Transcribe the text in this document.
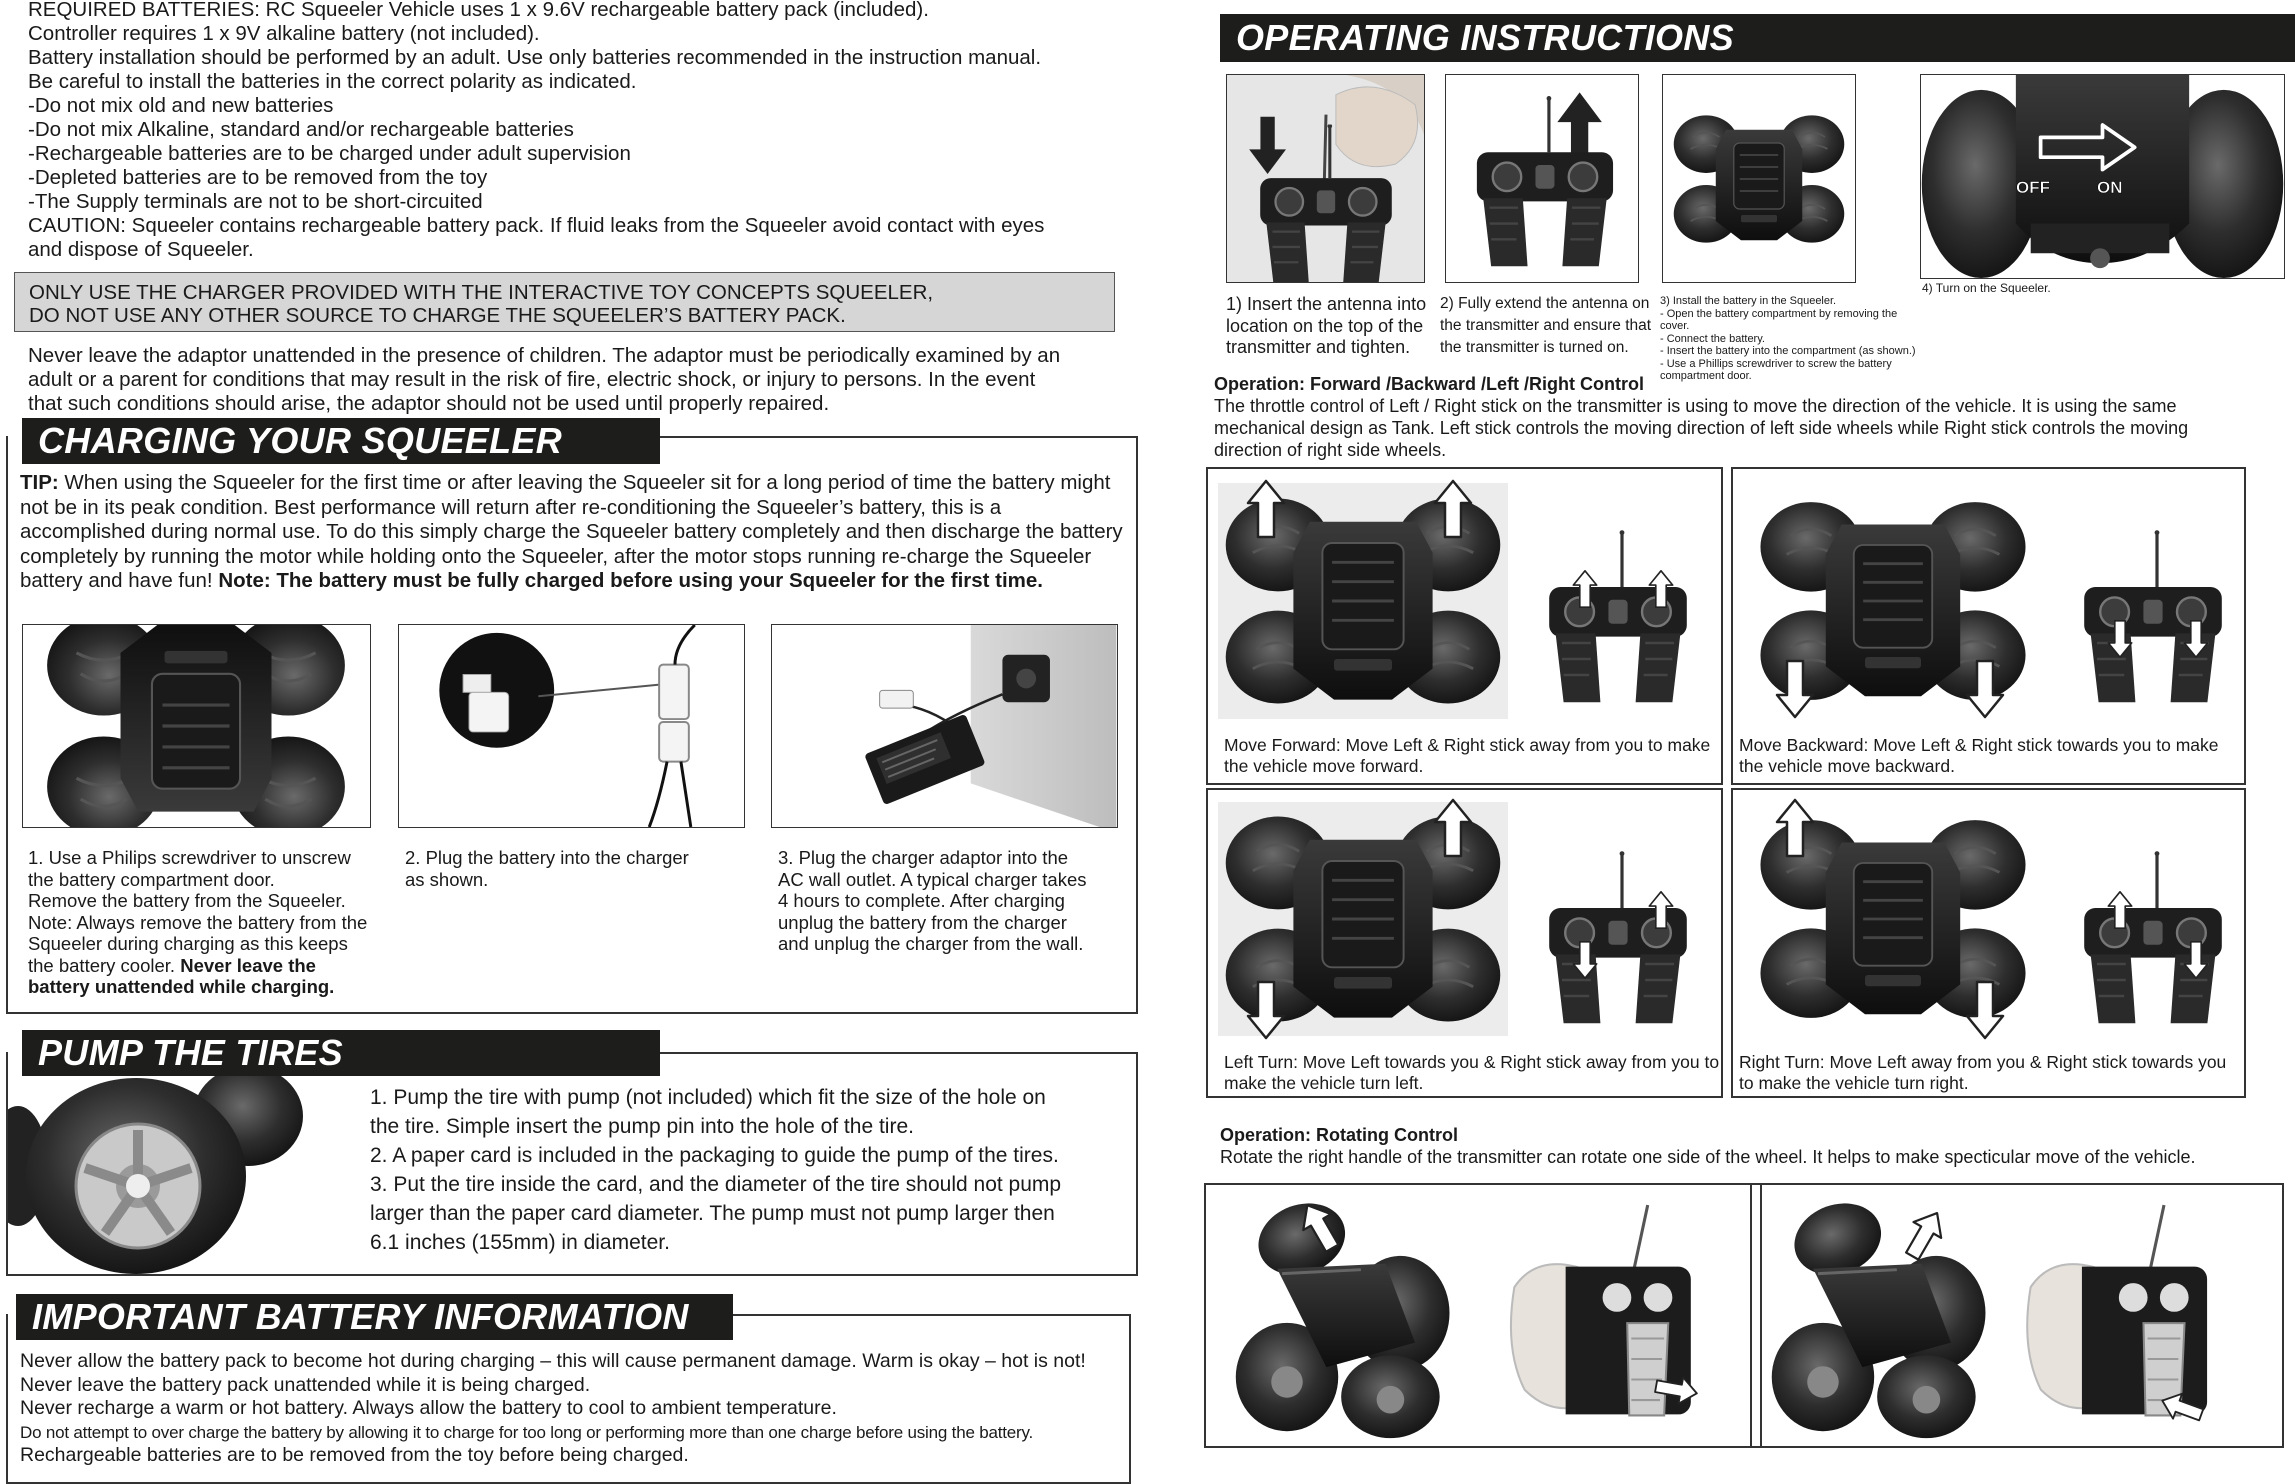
REQUIRED BATTERIES: RC Squeeler Vehicle uses 1 x 9.6V rechargeable battery pack (included).

Controller requires 1 x 9V alkaline battery (not included).

Battery installation should be performed by an adult. Use only batteries recommended in the instruction manual.

Be careful to install the batteries in the correct polarity as indicated.

-Do not mix old and new batteries

-Do not mix Alkaline, standard and/or rechargeable batteries

-Rechargeable batteries are to be charged under adult supervision

-Depleted batteries are to be removed from the toy

-The Supply terminals are not to be short-circuited

CAUTION: Squeeler contains rechargeable battery pack. If fluid leaks from the Squeeler avoid contact with eyes

and dispose of Squeeler.

ONLY USE THE CHARGER PROVIDED WITH THE INTERACTIVE TOY CONCEPTS SQUEELER,
DO NOT USE ANY OTHER SOURCE TO CHARGE THE SQUEELER’S BATTERY PACK.

Never leave the adaptor unattended in the presence of children. The adaptor must be periodically examined by an

adult or a parent for conditions that may result in the risk of fire, electric shock, or injury to persons. In the event

that such conditions should arise, the adaptor should not be used until properly repaired.

CHARGING YOUR SQUEELER
TIP: When using the Squeeler for the first time or after leaving the Squeeler sit for a long period of time the battery might not be in its peak condition. Best performance will return after re-conditioning the Squeeler’s battery, this is a accomplished during normal use. To do this simply charge the Squeeler battery completely and then discharge the battery completely by running the motor while holding onto the Squeeler, after the motor stops running re-charge the Squeeler battery and have fun! Note: The battery must be fully charged before using your Squeeler for the first time.

1. Use a Philips screwdriver to unscrew

the battery compartment door.

Remove the battery from the Squeeler.

Note: Always remove the battery from the

Squeeler during charging as this keeps

the battery cooler. Never leave the

battery unattended while charging.

2. Plug the battery into the charger

as shown.

3. Plug the charger adaptor into the

AC wall outlet. A typical charger takes

4 hours to complete. After charging

unplug the battery from the charger

and unplug the charger from the wall.

PUMP THE TIRES

1. Pump the tire with pump (not included) which fit the size of the hole on

the tire. Simple insert the pump pin into the hole of the tire.

2. A paper card is included in the packaging to guide the pump of the tires.

3. Put the tire inside the card, and the diameter of the tire should not pump

larger than the paper card diameter. The pump must not pump larger then

6.1 inches (155mm) in diameter.

IMPORTANT BATTERY INFORMATION

Never allow the battery pack to become hot during charging – this will cause permanent damage. Warm is okay – hot is not!

Never leave the battery pack unattended while it is being charged.

Never recharge a warm or hot battery. Always allow the battery to cool to ambient temperature.

Do not attempt to over charge the battery by allowing it to charge for too long or performing more than one charge before using the battery.

Rechargeable batteries are to be removed from the toy before being charged.

OPERATING INSTRUCTIONS
OFF	ON

1) Insert the antenna into

location on the top of the

transmitter and tighten.

2) Fully extend the antenna on

the transmitter and ensure that

the transmitter is turned on.

3) Install the battery in the Squeeler.

- Open the battery compartment by removing the cover.

- Connect the battery.

- Insert the battery into the compartment (as shown.)

- Use a Phillips screwdriver to screw the battery

compartment door.

4) Turn on the Squeeler.
Operation: Forward /Backward /Left /Right Control
The throttle control of Left / Right stick on the transmitter is using to move the direction of the vehicle. It is using the same
mechanical design as Tank. Left stick controls the moving direction of left side wheels while Right stick controls the moving
direction of right side wheels.

Move Forward: Move Left & Right stick away from you to make

the vehicle move forward.

Move Backward: Move Left & Right stick towards you to make

the vehicle move backward.

Left Turn: Move Left towards you & Right stick away from you to

make the vehicle turn left.

Right Turn: Move Left away from you & Right stick towards you

to make the vehicle turn right.

Operation: Rotating Control
Rotate the right handle of the transmitter can rotate one side of the wheel. It helps to make specticular move of the vehicle.
